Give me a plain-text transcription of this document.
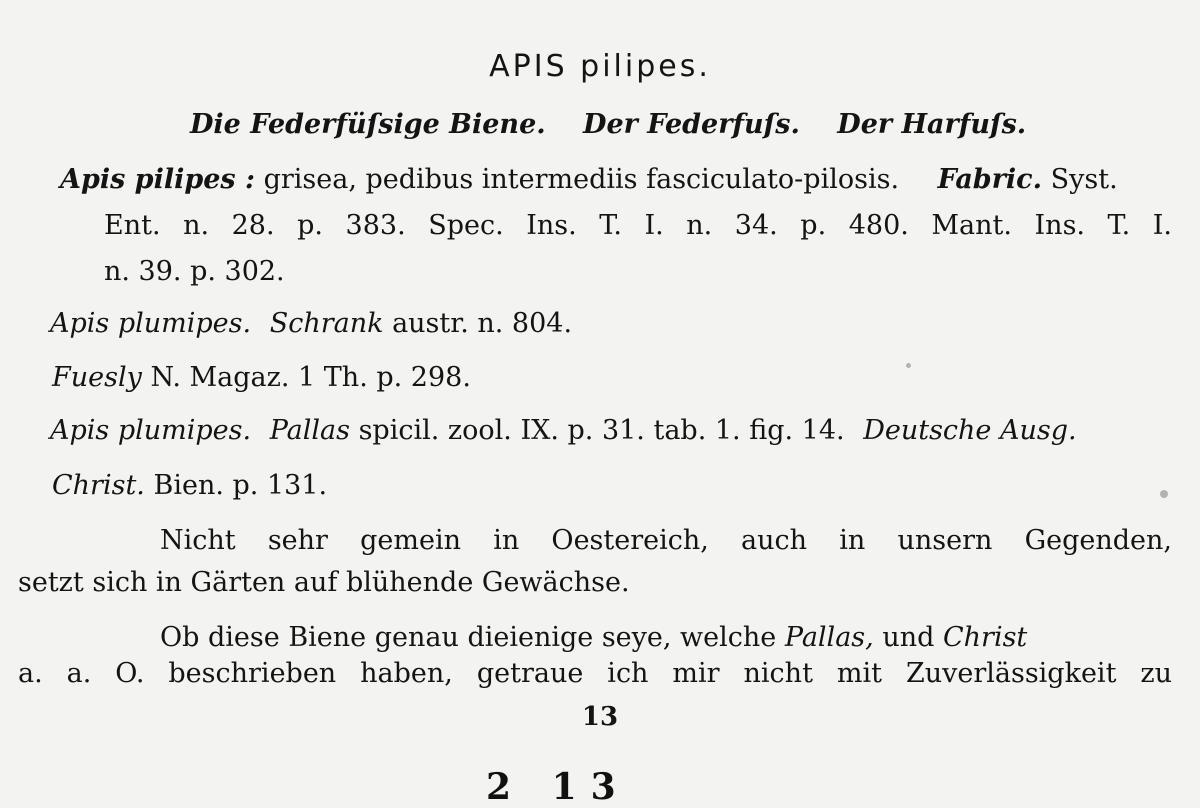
APIS pilipes.
Die Federfüſsige Biene. Der Federfuſs. Der Harfuſs.
Apis pilipes : grisea, pedibus intermediis fasciculato-pilosis. Fabric. Syst.
Ent. n. 28. p. 383. Spec. Ins. T. I. n. 34. p. 480. Mant. Ins. T. I.
n. 39. p. 302.
Apis plumipes. Schrank austr. n. 804.
Fuesly N. Magaz. 1 Th. p. 298.
Apis plumipes. Pallas spicil. zool. IX. p. 31. tab. 1. fig. 14. Deutsche Ausg.
Christ. Bien. p. 131.
Nicht sehr gemein in Oestereich, auch in unsern Gegenden,
setzt sich in Gärten auf blühende Gewächse.
Ob diese Biene genau dieienige seye, welche Pallas, und Christ
a. a. O. beschrieben haben, getraue ich mir nicht mit Zuverlässigkeit zu
13
2 13
